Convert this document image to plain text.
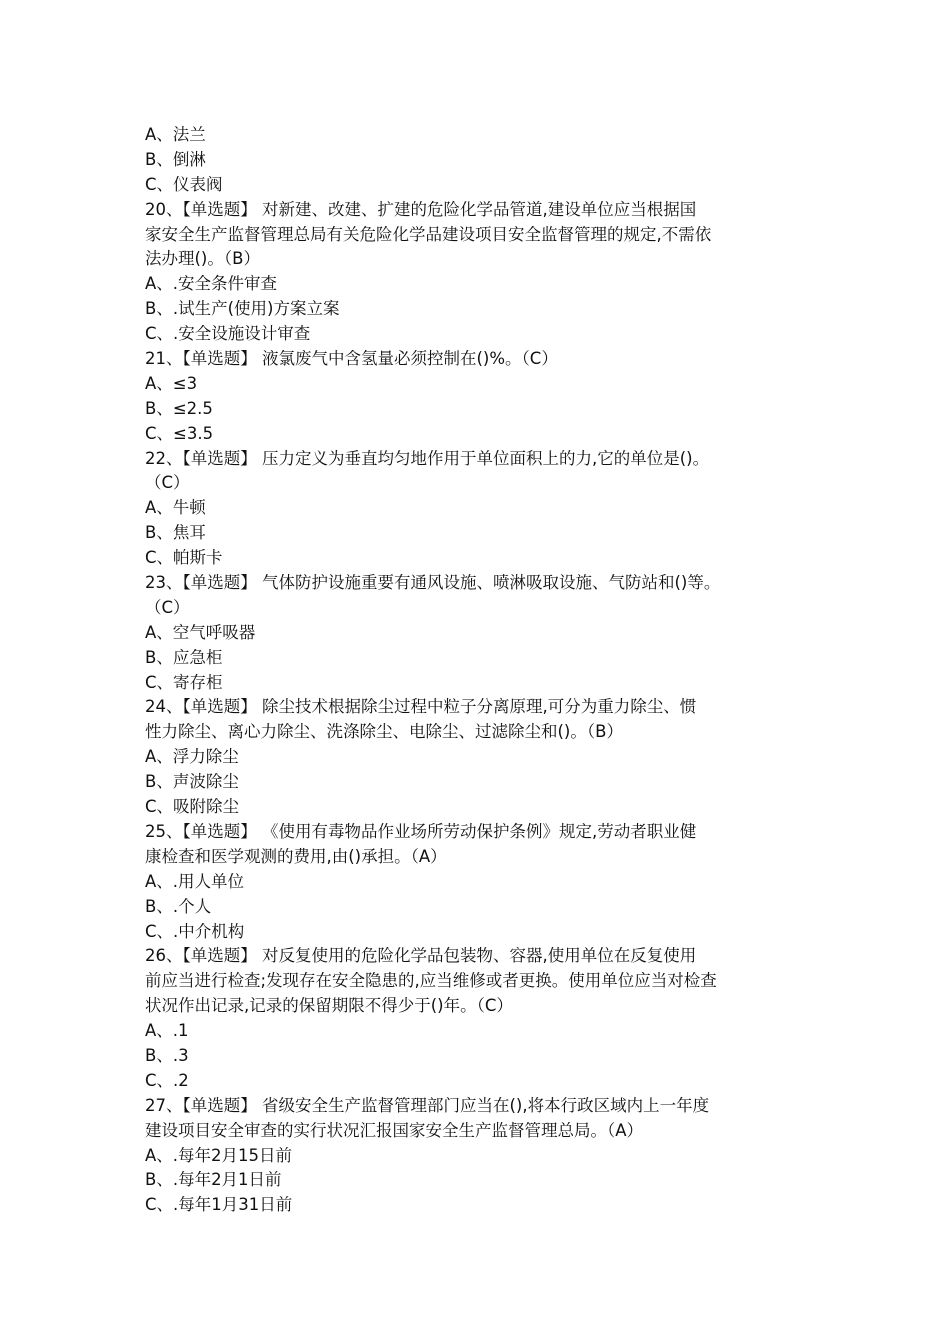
A、法兰
B、倒淋
C、仪表阀
20、【单选题】 对新建、改建、扩建的危险化学品管道,建设单位应当根据国
家安全生产监督管理总局有关危险化学品建设项目安全监督管理的规定,不需依
法办理()。（B）
A、.安全条件审查
B、.试生产(使用)方案立案
C、.安全设施设计审查
21、【单选题】 液氯废气中含氢量必须控制在()%。（C）
A、≤3
B、≤2.5
C、≤3.5
22、【单选题】 压力定义为垂直均匀地作用于单位面积上的力,它的单位是()。
（C）
A、牛顿
B、焦耳
C、帕斯卡
23、【单选题】 气体防护设施重要有通风设施、喷淋吸取设施、气防站和()等。
（C）
A、空气呼吸器
B、应急柜
C、寄存柜
24、【单选题】 除尘技术根据除尘过程中粒子分离原理,可分为重力除尘、惯
性力除尘、离心力除尘、洗涤除尘、电除尘、过滤除尘和()。（B）
A、浮力除尘
B、声波除尘
C、吸附除尘
25、【单选题】 《使用有毒物品作业场所劳动保护条例》规定,劳动者职业健
康检查和医学观测的费用,由()承担。（A）
A、.用人单位
B、.个人
C、.中介机构
26、【单选题】 对反复使用的危险化学品包装物、容器,使用单位在反复使用
前应当进行检查;发现存在安全隐患的,应当维修或者更换。使用单位应当对检查
状况作出记录,记录的保留期限不得少于()年。（C）
A、.1
B、.3
C、.2
27、【单选题】 省级安全生产监督管理部门应当在(),将本行政区域内上一年度
建设项目安全审查的实行状况汇报国家安全生产监督管理总局。（A）
A、.每年2月15日前
B、.每年2月1日前
C、.每年1月31日前
